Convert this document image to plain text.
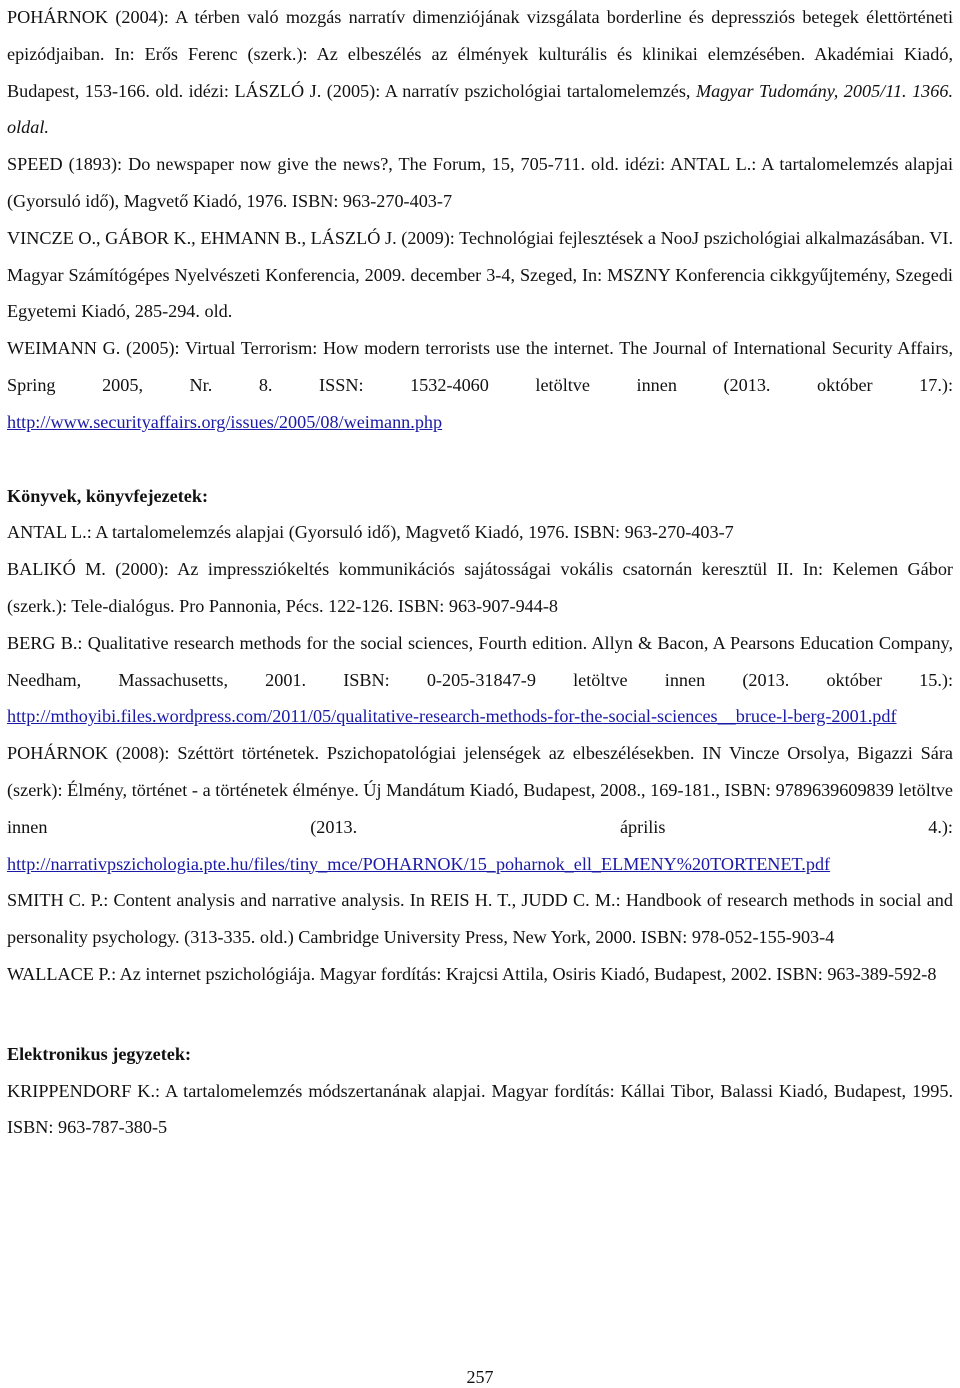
POHÁRNOK (2004): A térben való mozgás narratív dimenziójának vizsgálata borderline és depressziós betegek élettörténeti epizódjaiban. In: Erős Ferenc (szerk.): Az elbeszélés az élmények kulturális és klinikai elemzésében. Akadémiai Kiadó, Budapest, 153-166. old. idézi: LÁSZLÓ J. (2005): A narratív pszichológiai tartalomelemzés, Magyar Tudomány, 2005/11. 1366. oldal.

SPEED (1893): Do newspaper now give the news?, The Forum, 15, 705-711. old. idézi: ANTAL L.: A tartalomelemzés alapjai (Gyorsuló idő), Magvető Kiadó, 1976. ISBN: 963-270-403-7

VINCZE O., GÁBOR K., EHMANN B., LÁSZLÓ J. (2009): Technológiai fejlesztések a NooJ pszichológiai alkalmazásában. VI. Magyar Számítógépes Nyelvészeti Konferencia, 2009. december 3-4, Szeged, In: MSZNY Konferencia cikkgyűjtemény, Szegedi Egyetemi Kiadó, 285-294. old.

WEIMANN G. (2005): Virtual Terrorism: How modern terrorists use the internet. The Journal of International Security Affairs, Spring 2005, Nr. 8. ISSN: 1532-4060 letöltve innen (2013. október 17.): http://www.securityaffairs.org/issues/2005/08/weimann.php

Könyvek, könyvfejezetek:

ANTAL L.: A tartalomelemzés alapjai (Gyorsuló idő), Magvető Kiadó, 1976. ISBN: 963-270-403-7

BALIKÓ M. (2000): Az impressziókeltés kommunikációs sajátosságai vokális csatornán keresztül II. In: Kelemen Gábor (szerk.): Tele-dialógus. Pro Pannonia, Pécs. 122-126. ISBN: 963-907-944-8

BERG B.: Qualitative research methods for the social sciences, Fourth edition. Allyn & Bacon, A Pearsons Education Company, Needham, Massachusetts, 2001. ISBN: 0-205-31847-9 letöltve innen (2013. október 15.): http://mthoyibi.files.wordpress.com/2011/05/qualitative-research-methods-for-the-social-sciences__bruce-l-berg-2001.pdf

POHÁRNOK (2008): Széttört történetek. Pszichopatológiai jelenségek az elbeszélésekben. IN Vincze Orsolya, Bigazzi Sára (szerk): Élmény, történet - a történetek élménye. Új Mandátum Kiadó, Budapest, 2008., 169-181., ISBN: 9789639609839 letöltve innen (2013. április 4.): http://narrativpszichologia.pte.hu/files/tiny_mce/POHARNOK/15_poharnok_ell_ELMENY%20TORTENET.pdf

SMITH C. P.: Content analysis and narrative analysis. In REIS H. T., JUDD C. M.: Handbook of research methods in social and personality psychology. (313-335. old.) Cambridge University Press, New York, 2000. ISBN: 978-052-155-903-4

WALLACE P.: Az internet pszichológiája. Magyar fordítás: Krajcsi Attila, Osiris Kiadó, Budapest, 2002. ISBN: 963-389-592-8

Elektronikus jegyzetek:

KRIPPENDORF K.: A tartalomelemzés módszertanának alapjai. Magyar fordítás: Kállai Tibor, Balassi Kiadó, Budapest, 1995. ISBN: 963-787-380-5

257
